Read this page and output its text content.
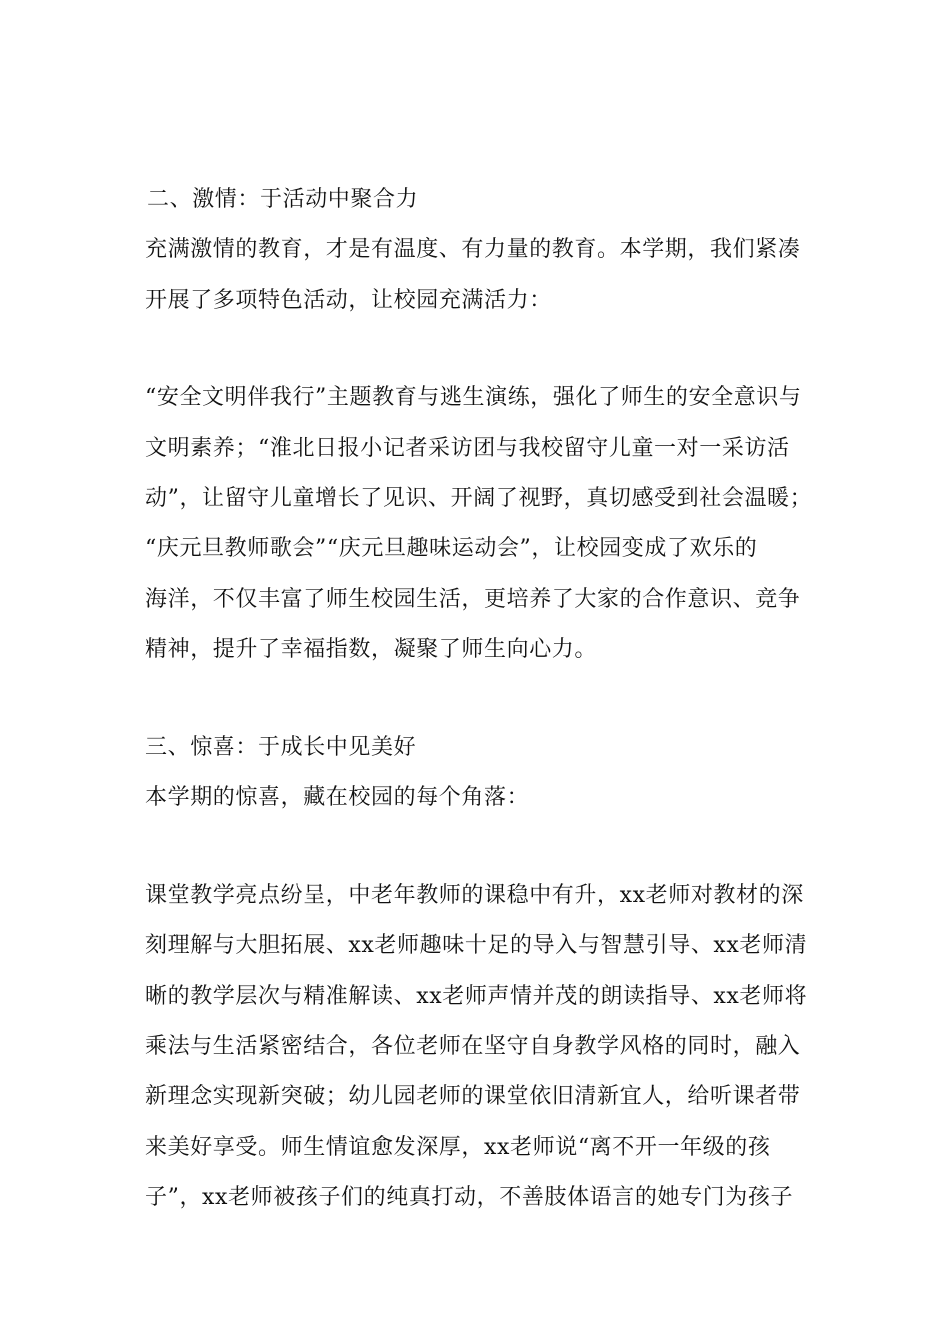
二、激情：于活动中聚合力
充满激情的教育，才是有温度、有力量的教育。本学期，我们紧凑
开展了多项特色活动，让校园充满活力：
“安全文明伴我行”主题教育与逃生演练，强化了师生的安全意识与
文明素养；“淮北日报小记者采访团与我校留守儿童一对一采访活
动”，让留守儿童增长了见识、开阔了视野，真切感受到社会温暖；
“庆元旦教师歌会”“庆元旦趣味运动会”，让校园变成了欢乐的
海洋，不仅丰富了师生校园生活，更培养了大家的合作意识、竞争
精神，提升了幸福指数，凝聚了师生向心力。
三、惊喜：于成长中见美好
本学期的惊喜，藏在校园的每个角落：
课堂教学亮点纷呈，中老年教师的课稳中有升，xx老师对教材的深
刻理解与大胆拓展、xx老师趣味十足的导入与智慧引导、xx老师清
晰的教学层次与精准解读、xx老师声情并茂的朗读指导、xx老师将
乘法与生活紧密结合，各位老师在坚守自身教学风格的同时，融入
新理念实现新突破；幼儿园老师的课堂依旧清新宜人，给听课者带
来美好享受。师生情谊愈发深厚，xx老师说“离不开一年级的孩
子”，xx老师被孩子们的纯真打动，不善肢体语言的她专门为孩子
